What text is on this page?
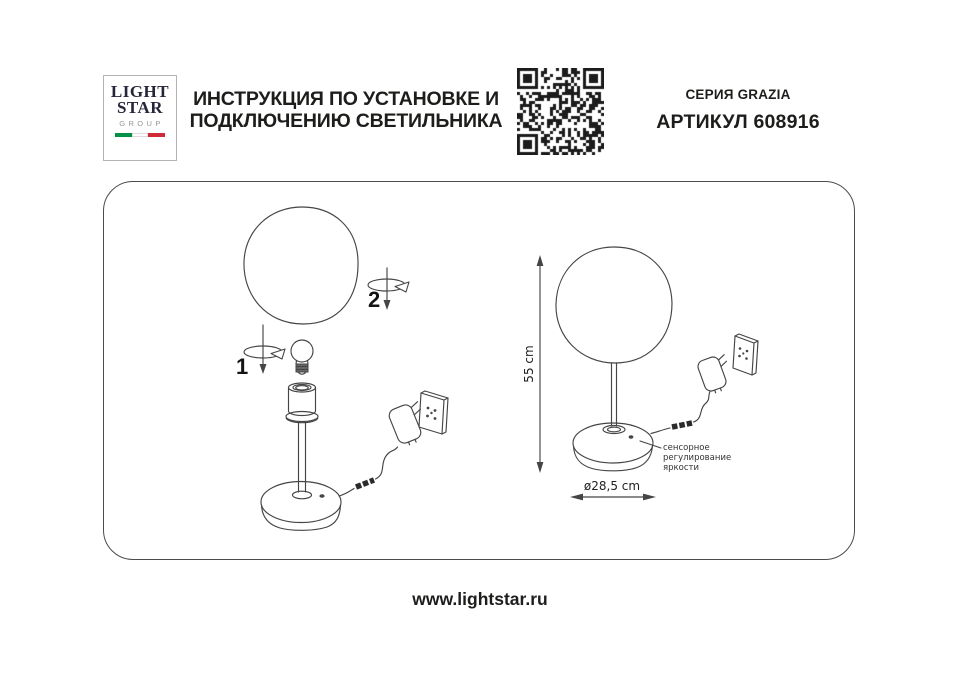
LIGHT
STAR
GROUP
ИНСТРУКЦИЯ ПО УСТАНОВКЕ И
ПОДКЛЮЧЕНИЮ СВЕТИЛЬНИКА
СЕРИЯ GRAZIA
АРТИКУЛ 608916
2
1	55 cm
ø28,5 cm
сенсорное
регулирование
яркости
www.lightstar.ru
